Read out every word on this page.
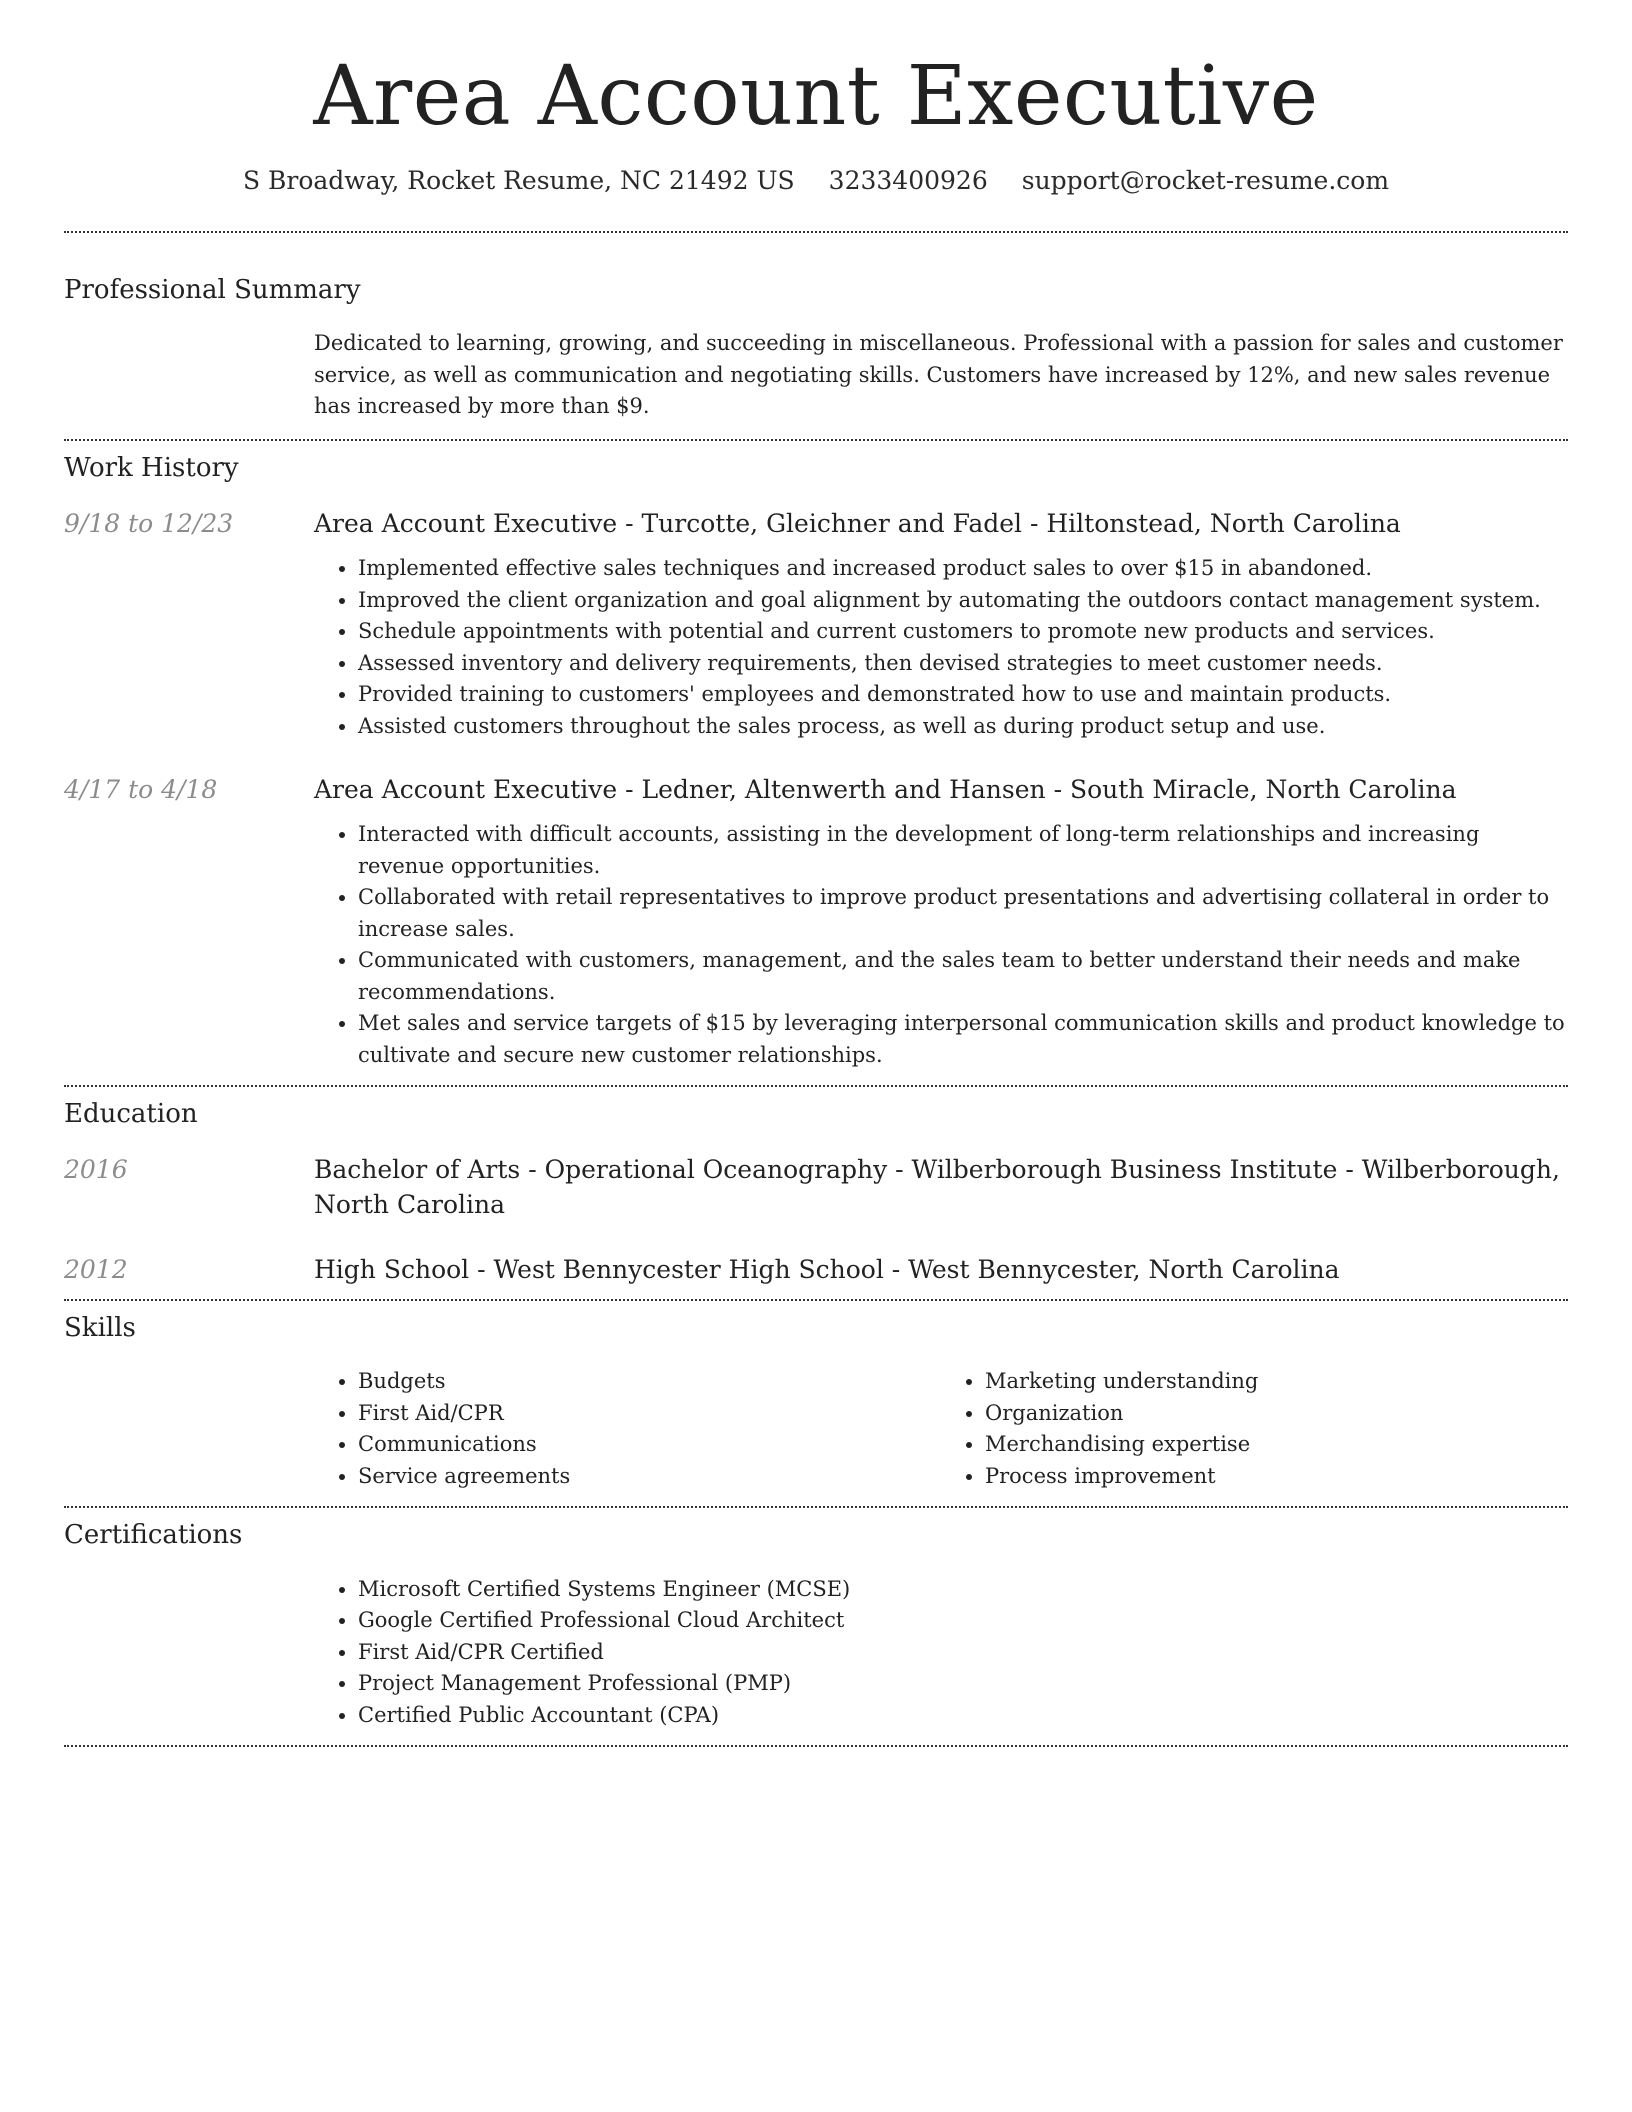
Area Account Executive
S Broadway, Rocket Resume, NC 21492 US 3233400926 support@rocket-resume.com
Professional Summary
Dedicated to learning, growing, and succeeding in miscellaneous. Professional with a passion for sales and customer service, as well as communication and negotiating skills. Customers have increased by 12%, and new sales revenue has increased by more than $9.
Work History
9/18 to 12/23	Area Account Executive - Turcotte, Gleichner and Fadel - Hiltonstead, North Carolina
• Implemented effective sales techniques and increased product sales to over $15 in abandoned.
• Improved the client organization and goal alignment by automating the outdoors contact management system.
• Schedule appointments with potential and current customers to promote new products and services.
• Assessed inventory and delivery requirements, then devised strategies to meet customer needs.
• Provided training to customers' employees and demonstrated how to use and maintain products.
• Assisted customers throughout the sales process, as well as during product setup and use.
4/17 to 4/18	Area Account Executive - Ledner, Altenwerth and Hansen - South Miracle, North Carolina
• Interacted with difficult accounts, assisting in the development of long-term relationships and increasing revenue opportunities.
• Collaborated with retail representatives to improve product presentations and advertising collateral in order to increase sales.
• Communicated with customers, management, and the sales team to better understand their needs and make recommendations.
• Met sales and service targets of $15 by leveraging interpersonal communication skills and product knowledge to cultivate and secure new customer relationships.
Education
2016	Bachelor of Arts - Operational Oceanography - Wilberborough Business Institute - Wilberborough, North Carolina
2012	High School - West Bennycester High School - West Bennycester, North Carolina
Skills
• Budgets
• First Aid/CPR
• Communications
• Service agreements
• Marketing understanding
• Organization
• Merchandising expertise
• Process improvement
Certifications
• Microsoft Certified Systems Engineer (MCSE)
• Google Certified Professional Cloud Architect
• First Aid/CPR Certified
• Project Management Professional (PMP)
• Certified Public Accountant (CPA)
